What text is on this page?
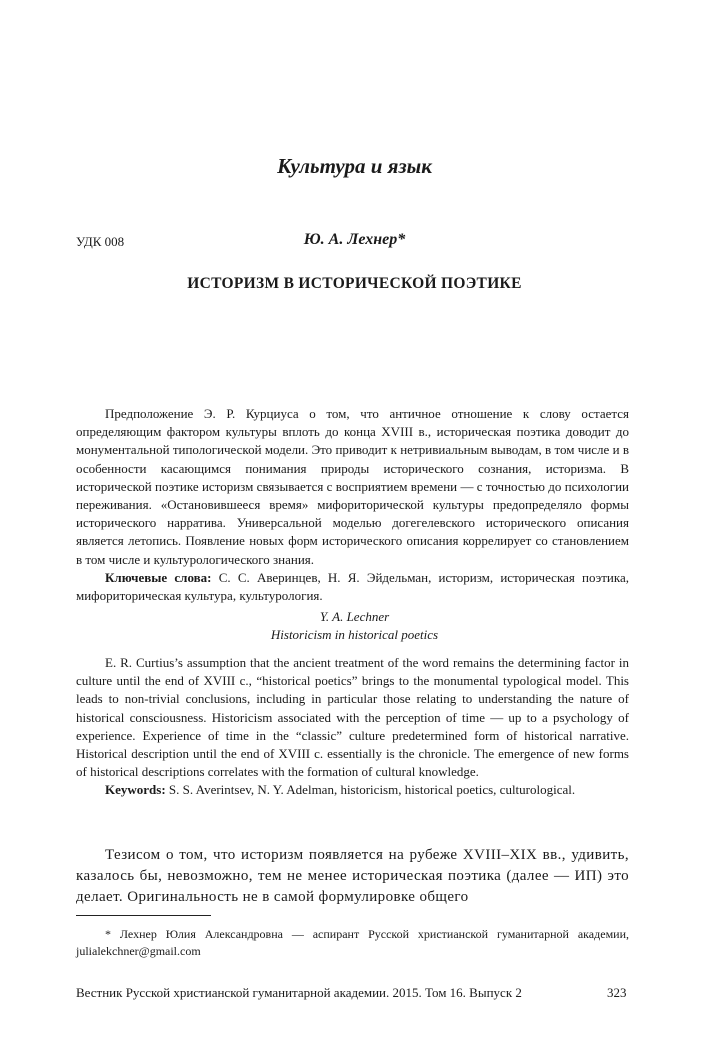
Культура и язык
УДК 008	Ю. А. Лехнер*
ИСТОРИЗМ В ИСТОРИЧЕСКОЙ ПОЭТИКЕ

Предположение Э. Р. Курциуса о том, что античное отношение к слову остается определяющим фактором культуры вплоть до конца XVIII в., историческая поэтика доводит до монументальной типологической модели. Это приводит к нетривиальным выводам, в том числе и в особенности касающимся понимания природы исторического сознания, историзма. В исторической поэтике историзм связывается с восприятием времени — с точностью до психологии переживания. «Остановившееся время» мифориторической культуры предопределяло формы исторического нарратива. Универсальной моделью догегелевского исторического описания является летопись. Появление новых форм исторического описания коррелирует со становлением в том числе и культурологического знания.

Ключевые слова: С. С. Аверинцев, Н. Я. Эйдельман, историзм, историческая поэтика, мифориторическая культура, культурология.

Y. A. Lechner
Historicism in historical poetics

E. R. Curtius’s assumption that the ancient treatment of the word remains the determining factor in culture until the end of XVIII c., “historical poetics” brings to the monumental typological model. This leads to non-trivial conclusions, including in particular those relating to understanding the nature of historical consciousness. Historicism associated with the perception of time — up to a psychology of experience. Experience of time in the “classic” culture predetermined form of historical narrative. Historical description until the end of XVIII c. essentially is the chronicle. The emergence of new forms of historical descriptions correlates with the formation of cultural knowledge.

Keywords: S. S. Averintsev, N. Y. Adelman, historicism, historical poetics, culturological.

Тезисом о том, что историзм появляется на рубеже XVIII–XIX вв., удивить, казалось бы, невозможно, тем не менее историческая поэтика (далее — ИП) это делает. Оригинальность не в самой формулировке общего

* Лехнер Юлия Александровна — аспирант Русской христианской гуманитарной академии, julialekchner@gmail.com

Вестник Русской христианской гуманитарной академии. 2015. Том 16. Выпуск 2	323
